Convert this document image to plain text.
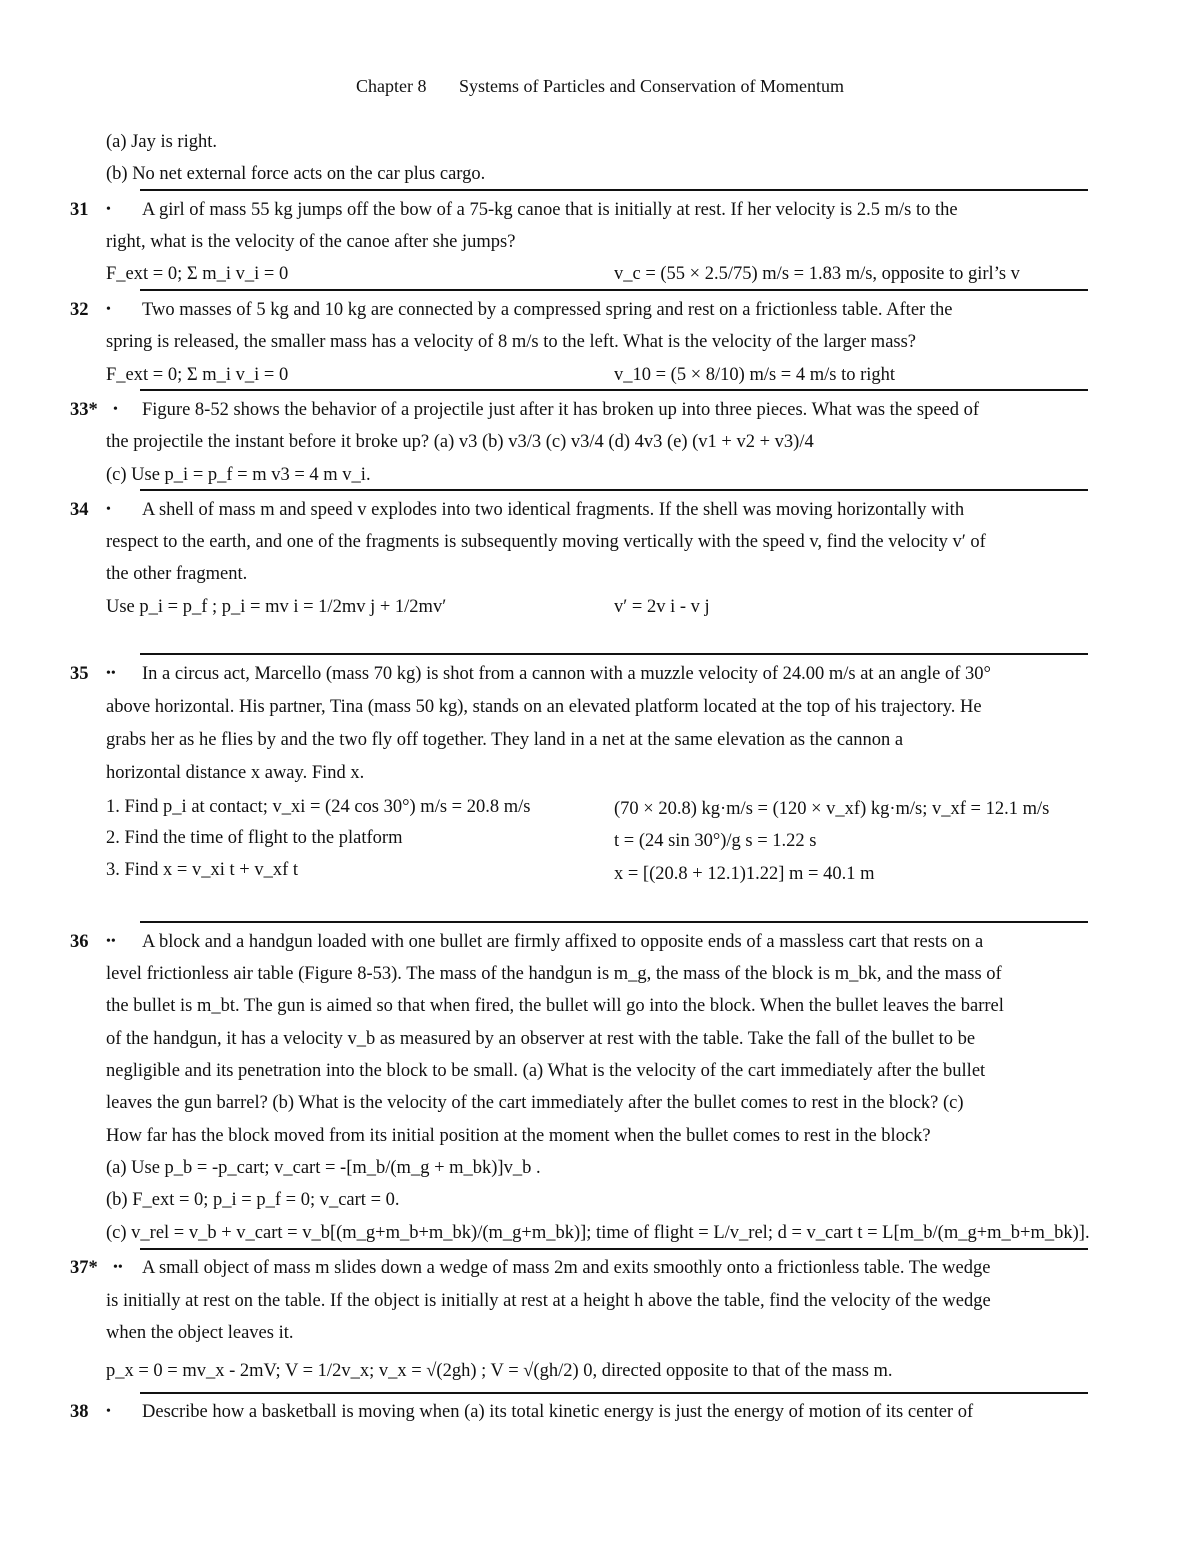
Chapter 8 Systems of Particles and Conservation of Momentum
(a) Jay is right.
(b) No net external force acts on the car plus cargo.
31 • A girl of mass 55 kg jumps off the bow of a 75-kg canoe that is initially at rest. If her velocity is 2.5 m/s to the
right, what is the velocity of the canoe after she jumps?
F_ext = 0; Σ m_i v_i = 0	v_c = (55 × 2.5/75) m/s = 1.83 m/s, opposite to girl’s v
32 • Two masses of 5 kg and 10 kg are connected by a compressed spring and rest on a frictionless table. After the
spring is released, the smaller mass has a velocity of 8 m/s to the left. What is the velocity of the larger mass?
F_ext = 0; Σ m_i v_i = 0	v_10 = (5 × 8/10) m/s = 4 m/s to right
33* • Figure 8-52 shows the behavior of a projectile just after it has broken up into three pieces. What was the speed of
the projectile the instant before it broke up? (a) v3 (b) v3/3 (c) v3/4 (d) 4v3 (e) (v1 + v2 + v3)/4
(c) Use p_i = p_f = m v3 = 4 m v_i.
34 • A shell of mass m and speed v explodes into two identical fragments. If the shell was moving horizontally with
respect to the earth, and one of the fragments is subsequently moving vertically with the speed v, find the velocity v′ of
the other fragment.
Use p_i = p_f ; p_i = mv i = 1/2mv j + 1/2mv′	v′ = 2v i - v j
35 •• In a circus act, Marcello (mass 70 kg) is shot from a cannon with a muzzle velocity of 24.00 m/s at an angle of 30°
above horizontal. His partner, Tina (mass 50 kg), stands on an elevated platform located at the top of his trajectory. He
grabs her as he flies by and the two fly off together. They land in a net at the same elevation as the cannon a
horizontal distance x away. Find x.
1. Find p_i at contact; v_xi = (24 cos 30°) m/s = 20.8 m/s	(70 × 20.8) kg·m/s = (120 × v_xf) kg·m/s; v_xf = 12.1 m/s
2. Find the time of flight to the platform	t = (24 sin 30°)/g s = 1.22 s
3. Find x = v_xi t + v_xf t	x = [(20.8 + 12.1)1.22] m = 40.1 m
36 •• A block and a handgun loaded with one bullet are firmly affixed to opposite ends of a massless cart that rests on a
level frictionless air table (Figure 8-53). The mass of the handgun is m_g, the mass of the block is m_bk, and the mass of
the bullet is m_bt. The gun is aimed so that when fired, the bullet will go into the block. When the bullet leaves the barrel
of the handgun, it has a velocity v_b as measured by an observer at rest with the table. Take the fall of the bullet to be
negligible and its penetration into the block to be small. (a) What is the velocity of the cart immediately after the bullet
leaves the gun barrel? (b) What is the velocity of the cart immediately after the bullet comes to rest in the block? (c)
How far has the block moved from its initial position at the moment when the bullet comes to rest in the block?
(a) Use p_b = -p_cart; v_cart = -[m_b/(m_g + m_bk)]v_b .
(b) F_ext = 0; p_i = p_f = 0; v_cart = 0.
(c) v_rel = v_b + v_cart = v_b[(m_g+m_b+m_bk)/(m_g+m_bk)]; time of flight = L/v_rel; d = v_cart t = L[m_b/(m_g+m_b+m_bk)].
37* •• A small object of mass m slides down a wedge of mass 2m and exits smoothly onto a frictionless table. The wedge
is initially at rest on the table. If the object is initially at rest at a height h above the table, find the velocity of the wedge
when the object leaves it.
p_x = 0 = mv_x - 2mV; V = 1/2v_x; v_x = √(2gh) ; V = √(gh/2) 0, directed opposite to that of the mass m.
38 • Describe how a basketball is moving when (a) its total kinetic energy is just the energy of motion of its center of
